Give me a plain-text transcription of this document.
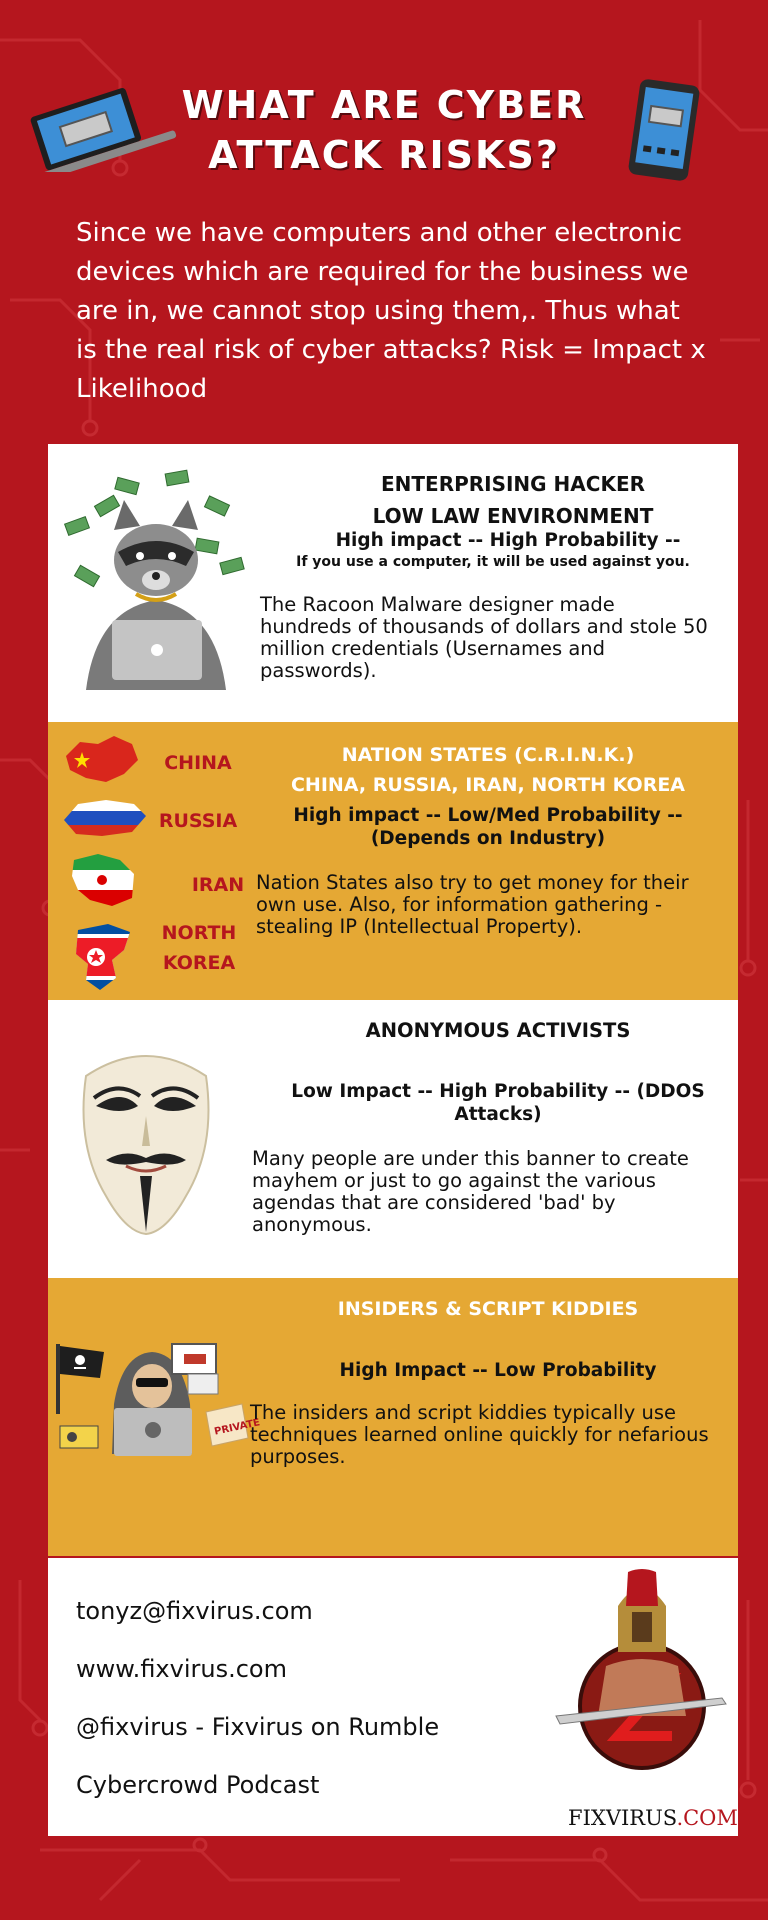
WHAT ARE CYBER
ATTACK RISKS?
Since we have computers and other electronic devices which are required for the business we are in, we cannot stop using them,. Thus what is the real risk of cyber attacks? Risk = Impact x Likelihood
ENTERPRISING HACKER
LOW LAW ENVIRONMENT
High impact -- High Probability --
If you use a computer, it will be used against you.
The Racoon Malware designer made hundreds of thousands of dollars and stole 50 million credentials (Usernames and passwords).
CHINA
RUSSIA
IRAN
NORTH
KOREA
NATION STATES (C.R.I.N.K.)
CHINA, RUSSIA, IRAN, NORTH KOREA
High impact -- Low/Med Probability -- (Depends on Industry)
Nation States also try to get money for their own use. Also, for information gathering - stealing IP (Intellectual Property).
ANONYMOUS ACTIVISTS
Low Impact -- High Probability -- (DDOS Attacks)
Many people are under this banner to create mayhem or just to go against the various agendas that are considered 'bad' by anonymous.
PRIVATE
INSIDERS & SCRIPT KIDDIES
High Impact -- Low Probability
The insiders and script kiddies typically use techniques learned online quickly for nefarious purposes.
tonyz@fixvirus.com
www.fixvirus.com
@fixvirus - Fixvirus on Rumble
Cybercrowd Podcast
FIXVIRUS.COM
